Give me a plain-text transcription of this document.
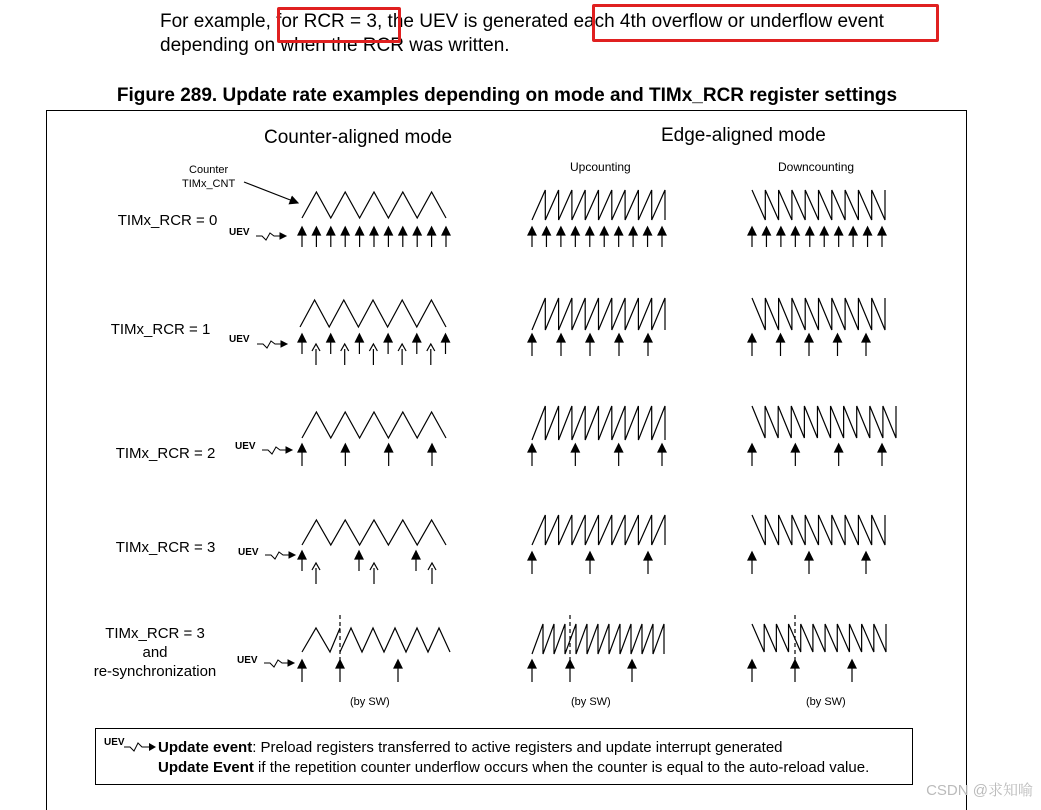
For example, for RCR = 3, the UEV is generated each 4th overflow or underflow event
depending on when the RCR was written.
Figure 289. Update rate examples depending on mode and TIMx_RCR register settings
Counter-aligned mode	Edge-aligned mode
Upcounting	Downcounting
Counter
TIMx_CNT
TIMx_RCR = 0
TIMx_RCR = 1
TIMx_RCR = 2
TIMx_RCR = 3
TIMx_RCR = 3
and
re-synchronization
UEV
UEV
UEV
UEV
UEV
(by SW)	(by SW)	(by SW)
UEV Update event: Preload registers transferred to active registers and update interrupt generated
Update Event if the repetition counter underflow occurs when the counter is equal to the auto-reload value.
CSDN @求知喻
